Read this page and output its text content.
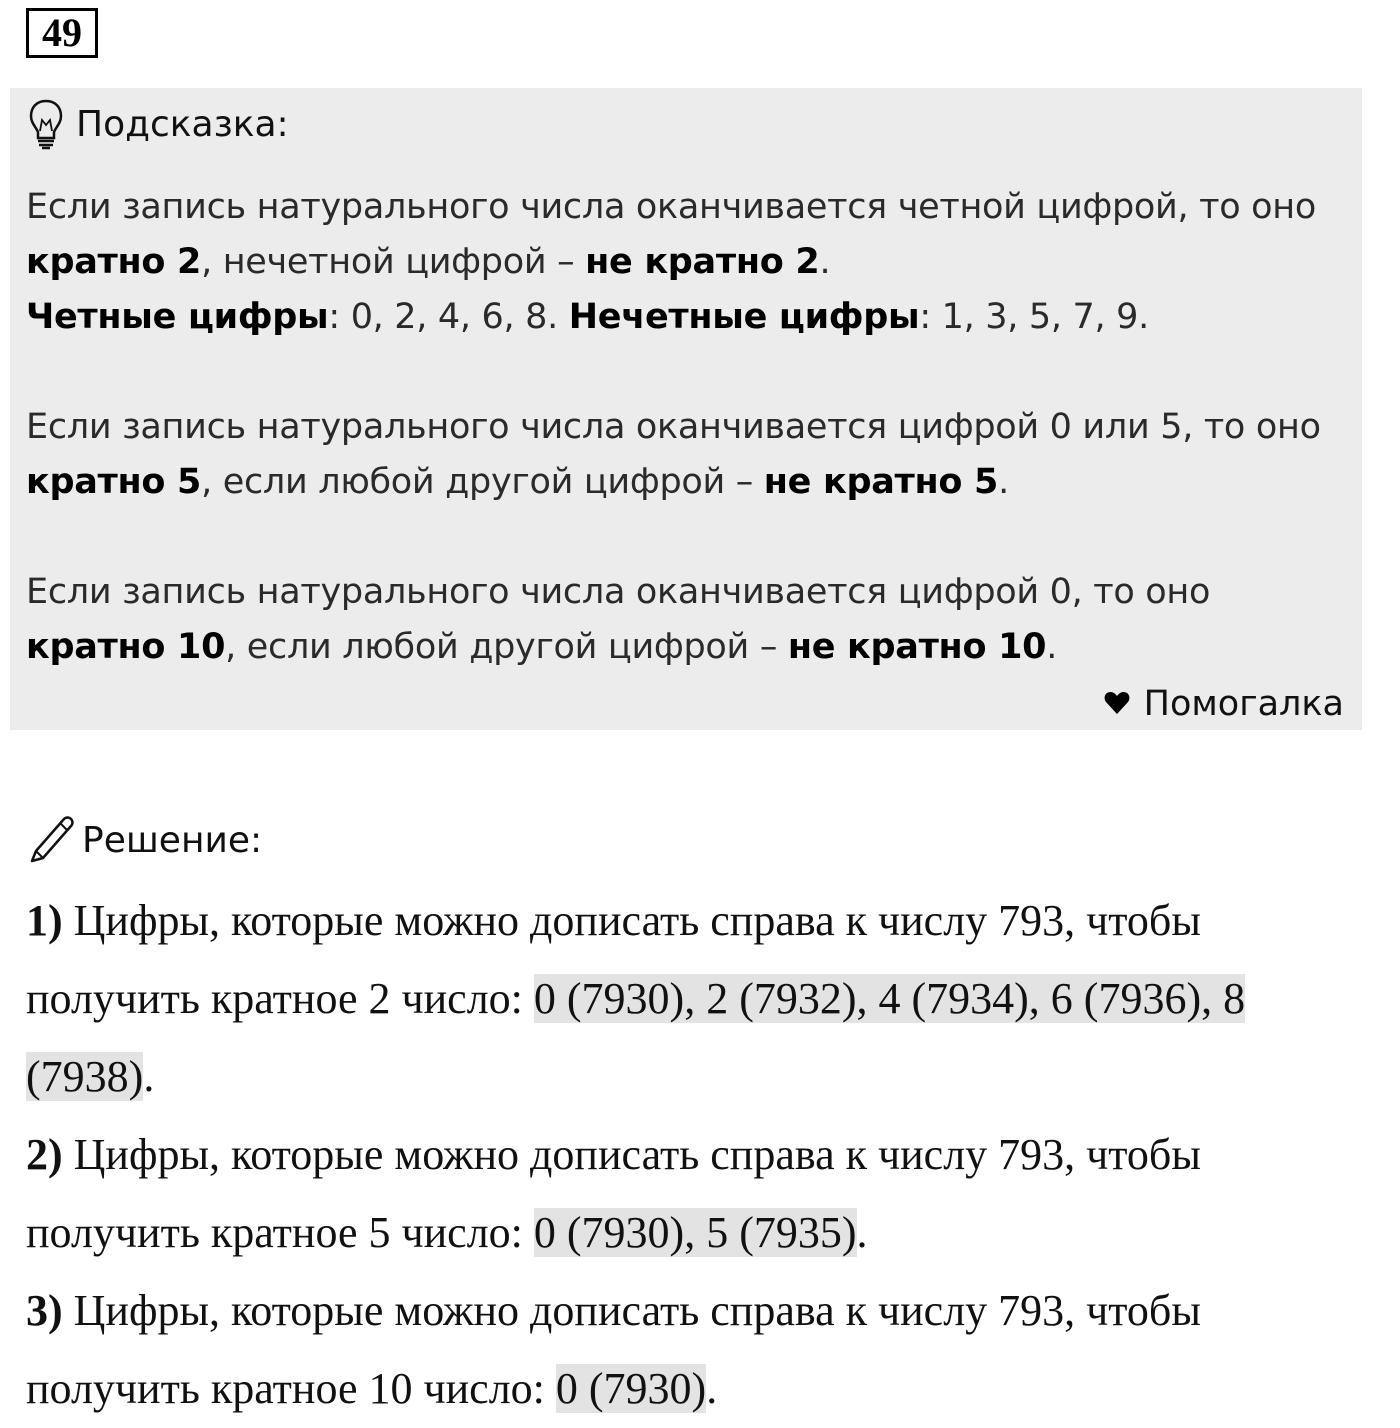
49
Подсказка:

Если запись натурального числа оканчивается четной цифрой, то оно кратно 2, нечетной цифрой – не кратно 2.

Четные цифры: 0, 2, 4, 6, 8. Нечетные цифры: 1, 3, 5, 7, 9.

Если запись натурального числа оканчивается цифрой 0 или 5, то оно кратно 5, если любой другой цифрой – не кратно 5.

Если запись натурального числа оканчивается цифрой 0, то оно кратно 10, если любой другой цифрой – не кратно 10.

Помогалка
Решение:

1) Цифры, которые можно дописать справа к числу 793, чтобы получить кратное 2 число: 0 (7930), 2 (7932), 4 (7934), 6 (7936), 8 (7938).

2) Цифры, которые можно дописать справа к числу 793, чтобы получить кратное 5 число: 0 (7930), 5 (7935).

3) Цифры, которые можно дописать справа к числу 793, чтобы получить кратное 10 число: 0 (7930).
